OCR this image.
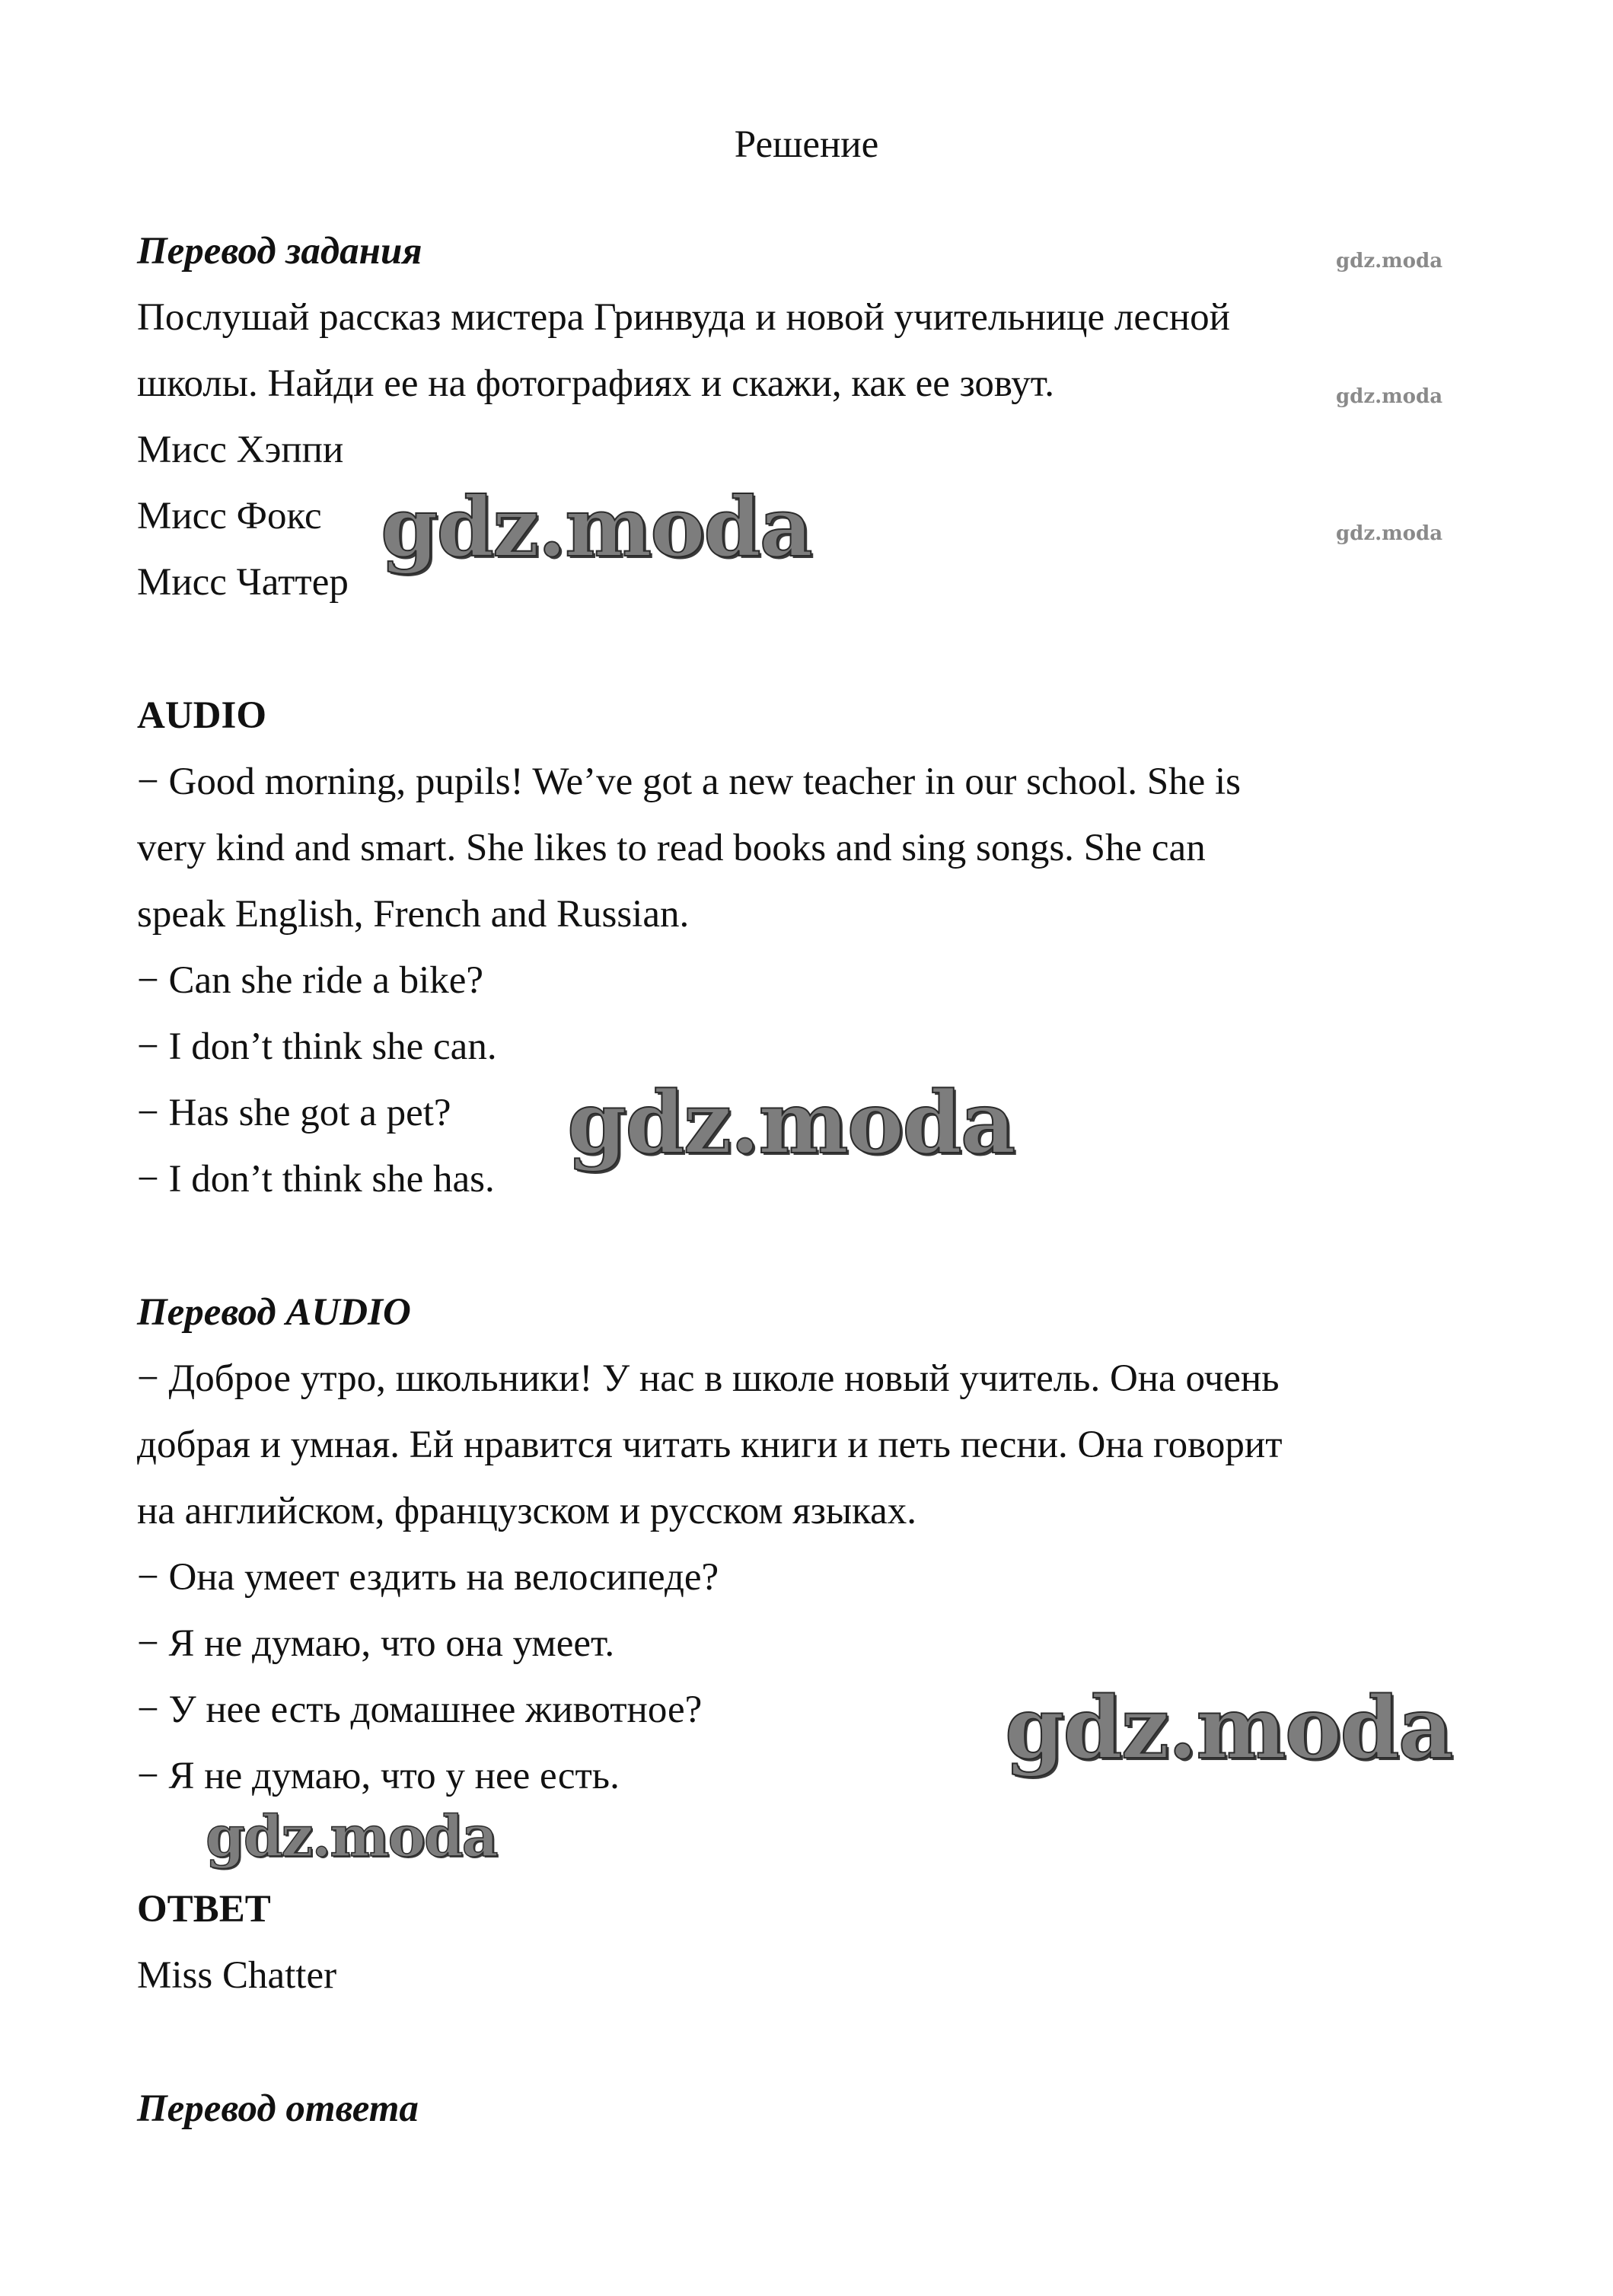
Решение
Перевод задания
Послушай рассказ мистера Гринвуда и новой учительнице лесной
школы. Найди ее на фотографиях и скажи, как ее зовут.
Мисс Хэппи
Мисс Фокс
Мисс Чаттер
AUDIO
− Good morning, pupils! We’ve got a new teacher in our school. She is
very kind and smart. She likes to read books and sing songs. She can
speak English, French and Russian.
− Can she ride a bike?
− I don’t think she can.
− Has she got a pet?
− I don’t think she has.
Перевод AUDIO
− Доброе утро, школьники! У нас в школе новый учитель. Она очень
добрая и умная. Ей нравится читать книги и петь песни. Она говорит
на английском, французском и русском языках.
− Она умеет ездить на велосипеде?
− Я не думаю, что она умеет.
− У нее есть домашнее животное?
− Я не думаю, что у нее есть.
ОТВЕТ
Miss Chatter
Перевод ответа
gdz.moda
gdz.moda
gdz.moda
gdz.moda
gdz.moda
gdz.moda
gdz.moda
